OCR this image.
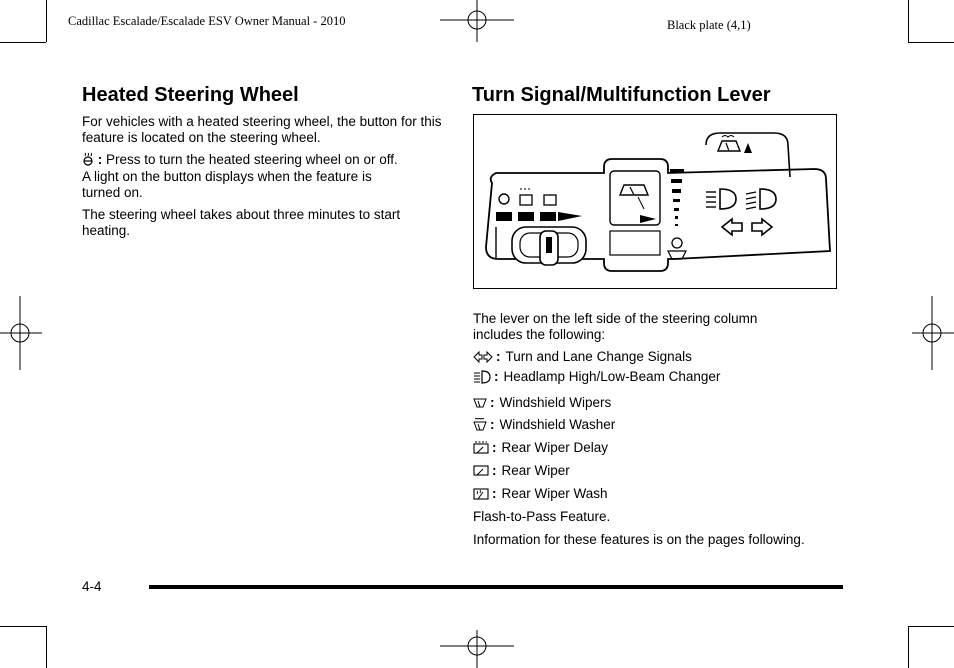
Cadillac Escalade/Escalade ESV Owner Manual - 2010	Black plate (4,1)
Heated Steering Wheel
For vehicles with a heated steering wheel, the button for this feature is located on the steering wheel.
: Press to turn the heated steering wheel on or off.
A light on the button displays when the feature is turned on.
The steering wheel takes about three minutes to start heating.
Turn Signal/Multifunction Lever
The lever on the left side of the steering column includes the following:
: Turn and Lane Change Signals
: Headlamp High/Low-Beam Changer
: Windshield Wipers
: Windshield Washer
: Rear Wiper Delay
: Rear Wiper
: Rear Wiper Wash
Flash-to-Pass Feature.
Information for these features is on the pages following.
4-4
